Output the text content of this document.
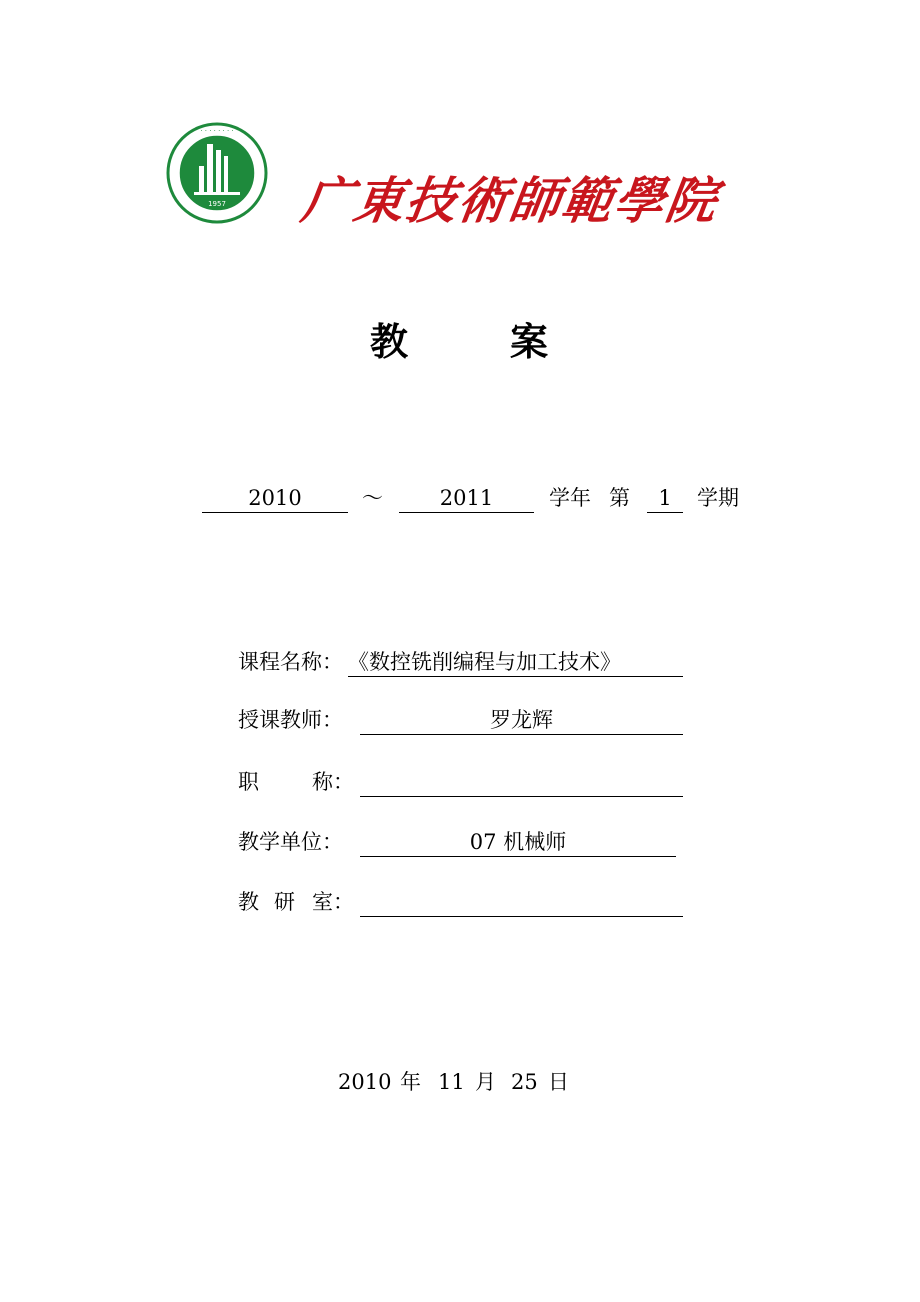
· · · · · · · ·
1957 广東技術師範學院
教	案
2010	～	2011	学年 第	1	学期
课程名称： 《数控铣削编程与加工技术》
授课教师：	罗龙辉
职	称：
教学单位：	07 机械师
教 研 室：
2010 年 11 月 25 日
